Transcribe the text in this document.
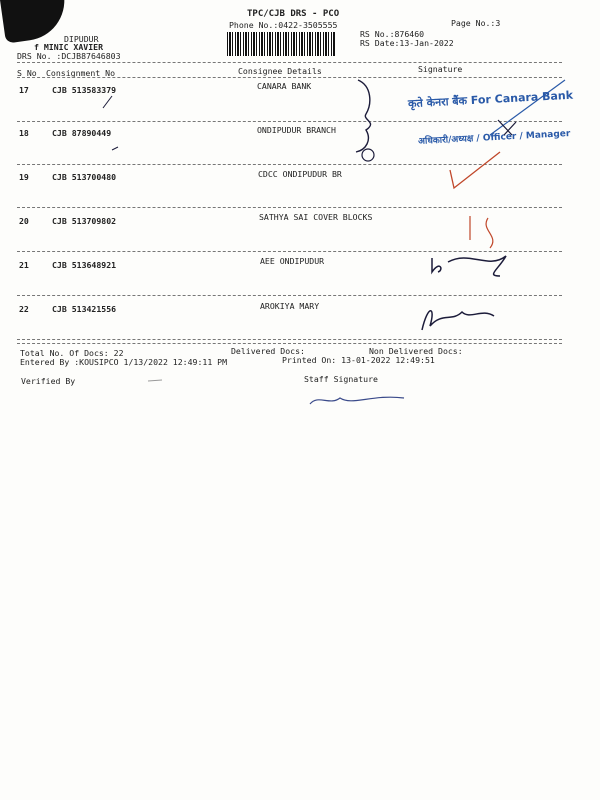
TPC/CJB DRS - PCO
Phone No.:0422-3505555	Page No.:3
RS No.:876460
RS Date:13-Jan-2022
DIPUDUR
f MINIC XAVIER
DRS No. :DCJB87646803
S No Consignment No	Consignee Details	Signature
17	CJB 513583379	CANARA BANK
18	CJB 87890449	ONDIPUDUR BRANCH
19	CJB 513700480	CDCC ONDIPUDUR BR
20	CJB 513709802	SATHYA SAI COVER BLOCKS
21	CJB 513648921	AEE ONDIPUDUR
22	CJB 513421556	AROKIYA MARY
कृते केनरा बैंक For Canara Bank
अधिकारी/अध्यक्ष / Officer / Manager
Total No. Of Docs: 22	Delivered Docs:	Non Delivered Docs:
Entered By :KOUSIPCO 1/13/2022 12:49:11 PM	Printed On: 13-01-2022 12:49:51
Verified By	Staff Signature
